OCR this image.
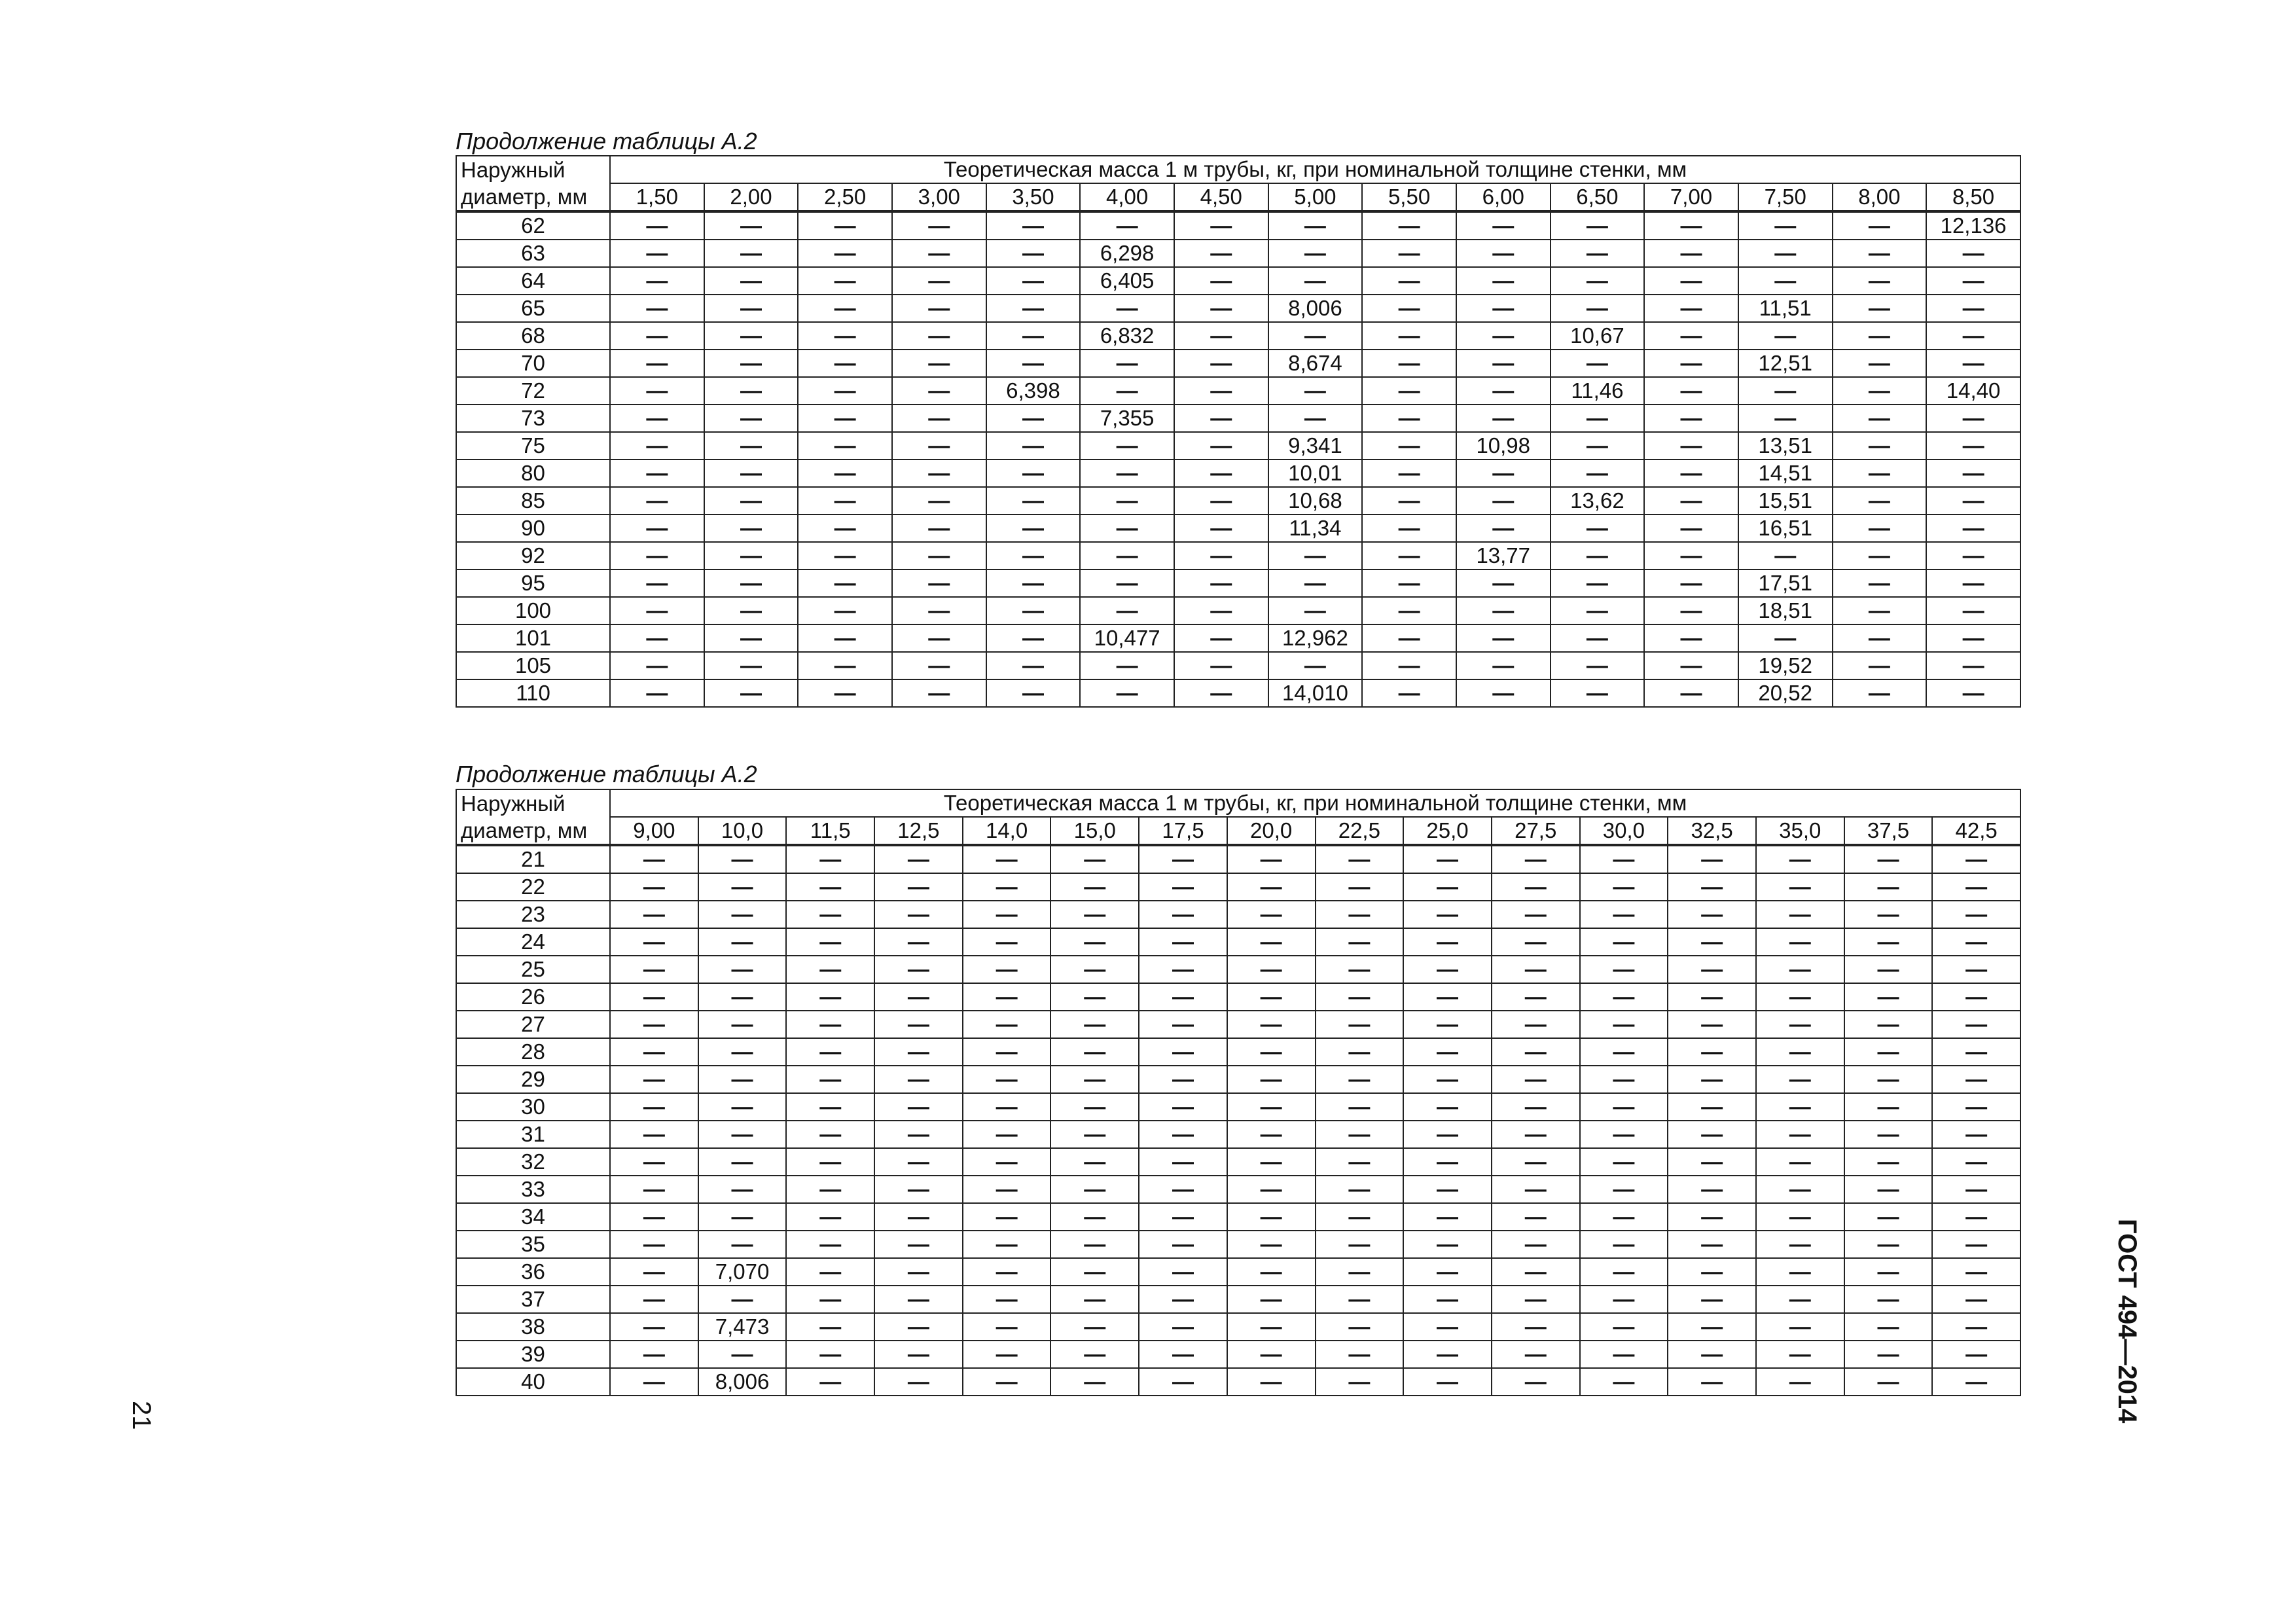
Продолжение таблицы А.2
Наружный	Теоретическая масса 1 м трубы, кг, при номинальной толщине стенки, мм														
диаметр, мм	1,50	2,00	2,50	3,00	3,50	4,00	4,50	5,00	5,50	6,00	6,50	7,00	7,50	8,00	8,50
62	—	—	—	—	—	—	—	—	—	—	—	—	—	—	12,136
63	—	—	—	—	—	6,298	—	—	—	—	—	—	—	—	—
64	—	—	—	—	—	6,405	—	—	—	—	—	—	—	—	—
65	—	—	—	—	—	—	—	8,006	—	—	—	—	11,51	—	—
68	—	—	—	—	—	6,832	—	—	—	—	10,67	—	—	—	—
70	—	—	—	—	—	—	—	8,674	—	—	—	—	12,51	—	—
72	—	—	—	—	6,398	—	—	—	—	—	11,46	—	—	—	14,40
73	—	—	—	—	—	7,355	—	—	—	—	—	—	—	—	—
75	—	—	—	—	—	—	—	9,341	—	10,98	—	—	13,51	—	—
80	—	—	—	—	—	—	—	10,01	—	—	—	—	14,51	—	—
85	—	—	—	—	—	—	—	10,68	—	—	13,62	—	15,51	—	—
90	—	—	—	—	—	—	—	11,34	—	—	—	—	16,51	—	—
92	—	—	—	—	—	—	—	—	—	13,77	—	—	—	—	—
95	—	—	—	—	—	—	—	—	—	—	—	—	17,51	—	—
100	—	—	—	—	—	—	—	—	—	—	—	—	18,51	—	—
101	—	—	—	—	—	10,477	—	12,962	—	—	—	—	—	—	—
105	—	—	—	—	—	—	—	—	—	—	—	—	19,52	—	—
110	—	—	—	—	—	—	—	14,010	—	—	—	—	20,52	—	—
Продолжение таблицы А.2
Наружный	Теоретическая масса 1 м трубы, кг, при номинальной толщине стенки, мм															
диаметр, мм	9,00	10,0	11,5	12,5	14,0	15,0	17,5	20,0	22,5	25,0	27,5	30,0	32,5	35,0	37,5	42,5
21	—	—	—	—	—	—	—	—	—	—	—	—	—	—	—	—
22	—	—	—	—	—	—	—	—	—	—	—	—	—	—	—	—
23	—	—	—	—	—	—	—	—	—	—	—	—	—	—	—	—
24	—	—	—	—	—	—	—	—	—	—	—	—	—	—	—	—
25	—	—	—	—	—	—	—	—	—	—	—	—	—	—	—	—
26	—	—	—	—	—	—	—	—	—	—	—	—	—	—	—	—
27	—	—	—	—	—	—	—	—	—	—	—	—	—	—	—	—
28	—	—	—	—	—	—	—	—	—	—	—	—	—	—	—	—
29	—	—	—	—	—	—	—	—	—	—	—	—	—	—	—	—
30	—	—	—	—	—	—	—	—	—	—	—	—	—	—	—	—
31	—	—	—	—	—	—	—	—	—	—	—	—	—	—	—	—
32	—	—	—	—	—	—	—	—	—	—	—	—	—	—	—	—
33	—	—	—	—	—	—	—	—	—	—	—	—	—	—	—	—
34	—	—	—	—	—	—	—	—	—	—	—	—	—	—	—	—
35	—	—	—	—	—	—	—	—	—	—	—	—	—	—	—	—
36	—	7,070	—	—	—	—	—	—	—	—	—	—	—	—	—	—
37	—	—	—	—	—	—	—	—	—	—	—	—	—	—	—	—
38	—	7,473	—	—	—	—	—	—	—	—	—	—	—	—	—	—
39	—	—	—	—	—	—	—	—	—	—	—	—	—	—	—	—
40	—	8,006	—	—	—	—	—	—	—	—	—	—	—	—	—	—
21	ГОСТ 494—2014
